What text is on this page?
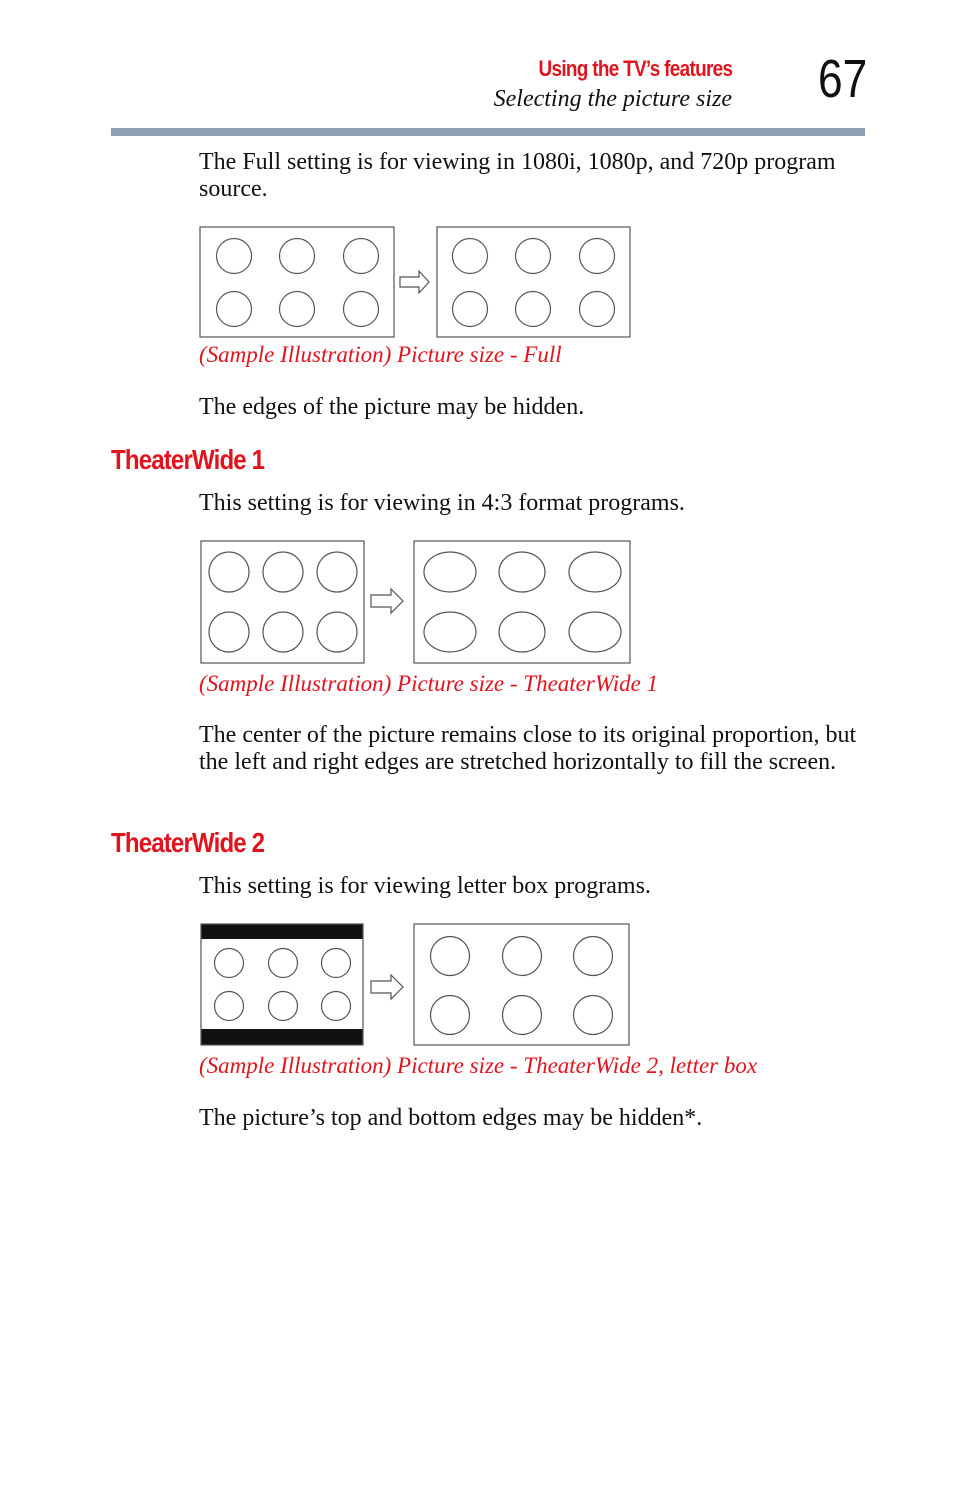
Using the TV’s features
Selecting the picture size 67

The Full setting is for viewing in 1080i, 1080p, and 720p program source.

(Sample Illustration) Picture size - Full

The edges of the picture may be hidden.

TheaterWide 1

This setting is for viewing in 4:3 format programs.

(Sample Illustration) Picture size - TheaterWide 1

The center of the picture remains close to its original proportion, but the left and right edges are stretched horizontally to fill the screen.

TheaterWide 2

This setting is for viewing letter box programs.

(Sample Illustration) Picture size - TheaterWide 2, letter box

The picture’s top and bottom edges may be hidden*.
